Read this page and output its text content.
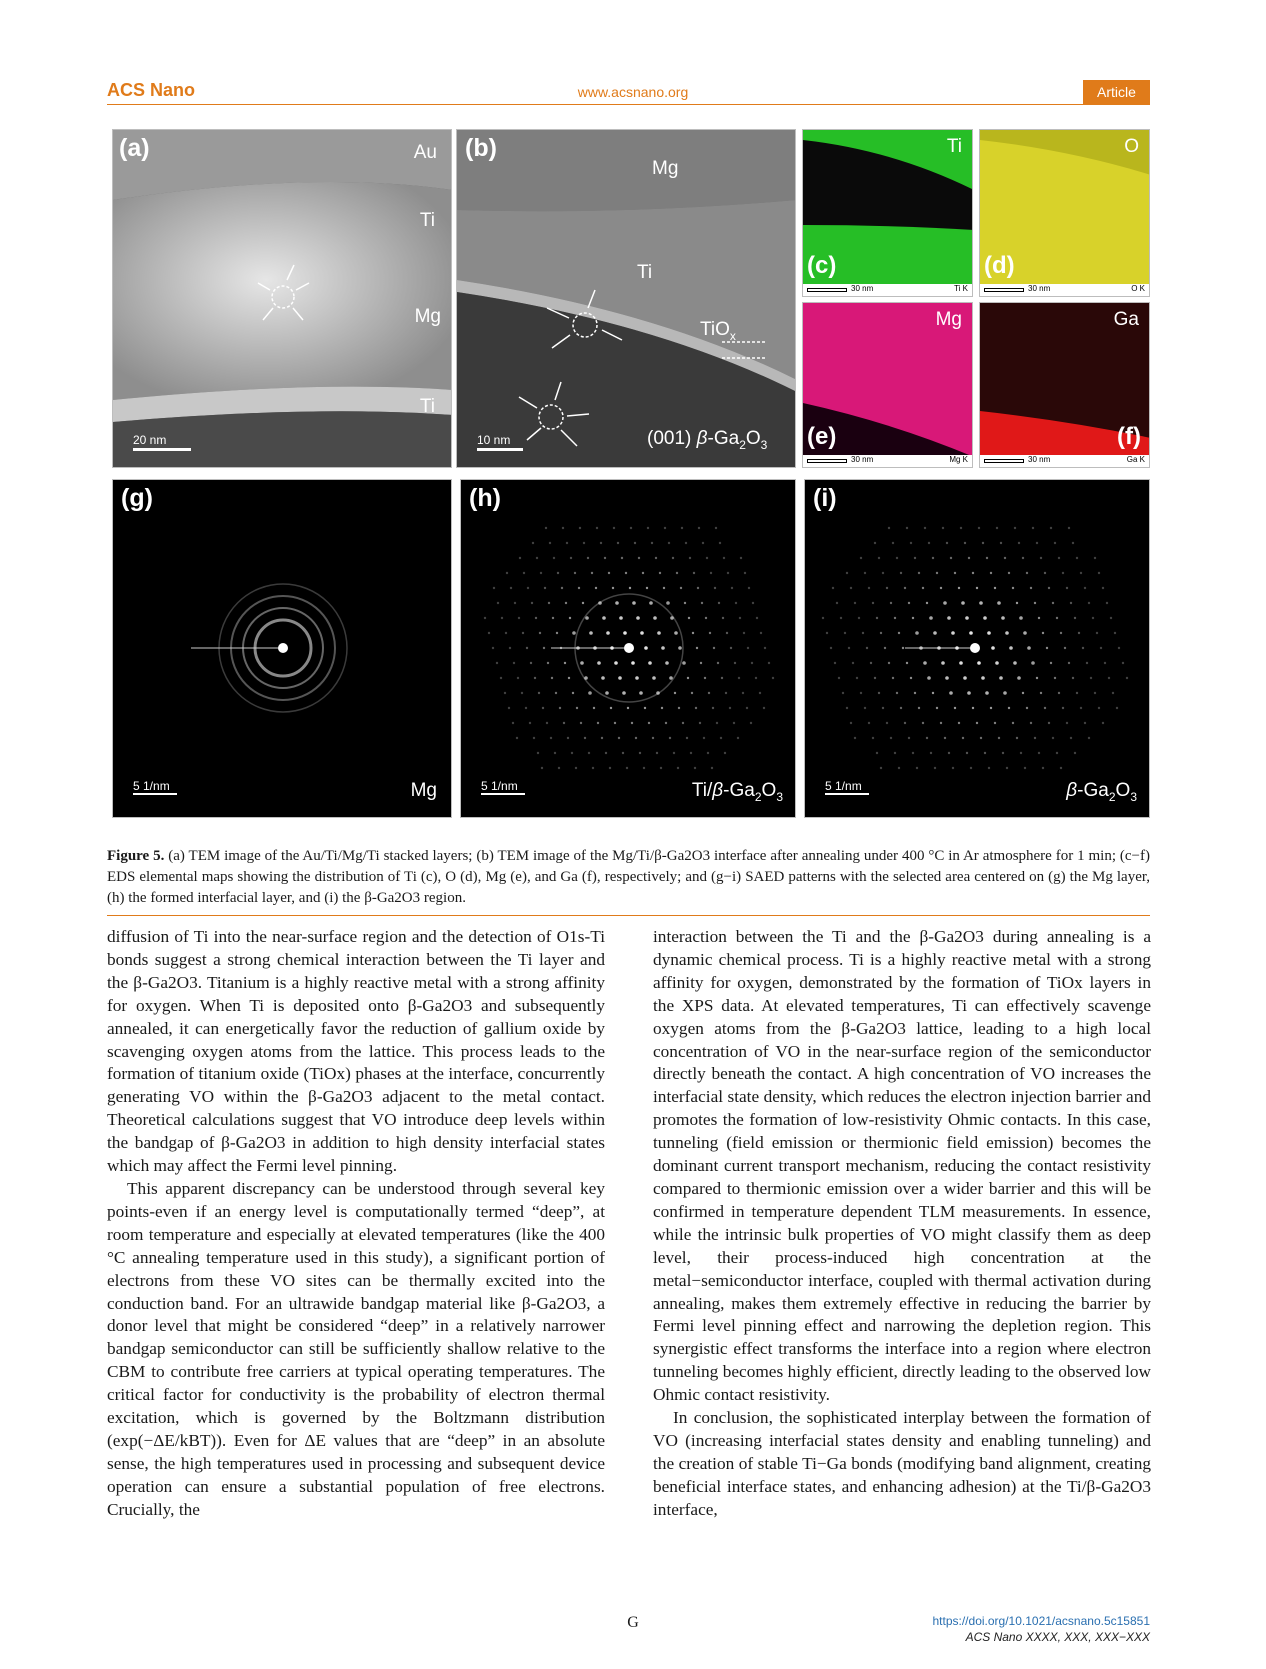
ACS Nano	www.acsnano.org	Article
(a)	Au
Ti
Mg
Ti
20 nm
(b)
Mg
Ti
TiO$_x$
(001) $\beta-Ga_2O_3$
10 nm
(c)
Ti
30 nm	Ti K
(d)
O
30 nm	O K
(e)
Mg
30 nm	Mg K
(f)
Ga
30 nm	Ga K
(g)
5 1/nm	Mg
(h)
5 1/nm	$Ti/\beta-Ga_2O_3$
(i)
5 1/nm	$\beta-Ga_2O_3$
Figure 5. (a) TEM image of the Au/Ti/Mg/Ti stacked layers; (b) TEM image of the Mg/Ti/β-Ga2O3 interface after annealing under 400 °C in Ar atmosphere for 1 min; (c−f) EDS elemental maps showing the distribution of Ti (c), O (d), Mg (e), and Ga (f), respectively; and (g−i) SAED patterns with the selected area centered on (g) the Mg layer, (h) the formed interfacial layer, and (i) the β-Ga2O3 region.

diffusion of Ti into the near-surface region and the detection of O1s-Ti bonds suggest a strong chemical interaction between the Ti layer and the β-Ga2O3. Titanium is a highly reactive metal with a strong affinity for oxygen. When Ti is deposited onto β-Ga2O3 and subsequently annealed, it can energetically favor the reduction of gallium oxide by scavenging oxygen atoms from the lattice. This process leads to the formation of titanium oxide (TiOx) phases at the interface, concurrently generating VO within the β-Ga2O3 adjacent to the metal contact. Theoretical calculations suggest that VO introduce deep levels within the bandgap of β-Ga2O3 in addition to high density interfacial states which may affect the Fermi level pinning.

This apparent discrepancy can be understood through several key points-even if an energy level is computationally termed “deep”, at room temperature and especially at elevated temperatures (like the 400 °C annealing temperature used in this study), a significant portion of electrons from these VO sites can be thermally excited into the conduction band. For an ultrawide bandgap material like β-Ga2O3, a donor level that might be considered “deep” in a relatively narrower bandgap semiconductor can still be sufficiently shallow relative to the CBM to contribute free carriers at typical operating temperatures. The critical factor for conductivity is the probability of electron thermal excitation, which is governed by the Boltzmann distribution (exp(−ΔE/kBT)). Even for ΔE values that are “deep” in an absolute sense, the high temperatures used in processing and subsequent device operation can ensure a substantial population of free electrons. Crucially, the

interaction between the Ti and the β-Ga2O3 during annealing is a dynamic chemical process. Ti is a highly reactive metal with a strong affinity for oxygen, demonstrated by the formation of TiOx layers in the XPS data. At elevated temperatures, Ti can effectively scavenge oxygen atoms from the β-Ga2O3 lattice, leading to a high local concentration of VO in the near-surface region of the semiconductor directly beneath the contact. A high concentration of VO increases the interfacial state density, which reduces the electron injection barrier and promotes the formation of low-resistivity Ohmic contacts. In this case, tunneling (field emission or thermionic field emission) becomes the dominant current transport mechanism, reducing the contact resistivity compared to thermionic emission over a wider barrier and this will be confirmed in temperature dependent TLM measurements. In essence, while the intrinsic bulk properties of VO might classify them as deep level, their process-induced high concentration at the metal−semiconductor interface, coupled with thermal activation during annealing, makes them extremely effective in reducing the barrier by Fermi level pinning effect and narrowing the depletion region. This synergistic effect transforms the interface into a region where electron tunneling becomes highly efficient, directly leading to the observed low Ohmic contact resistivity.

In conclusion, the sophisticated interplay between the formation of VO (increasing interfacial states density and enabling tunneling) and the creation of stable Ti−Ga bonds (modifying band alignment, creating beneficial interface states, and enhancing adhesion) at the Ti/β-Ga2O3 interface,

G	https://doi.org/10.1021/acsnano.5c15851
ACS Nano XXXX, XXX, XXX−XXX
